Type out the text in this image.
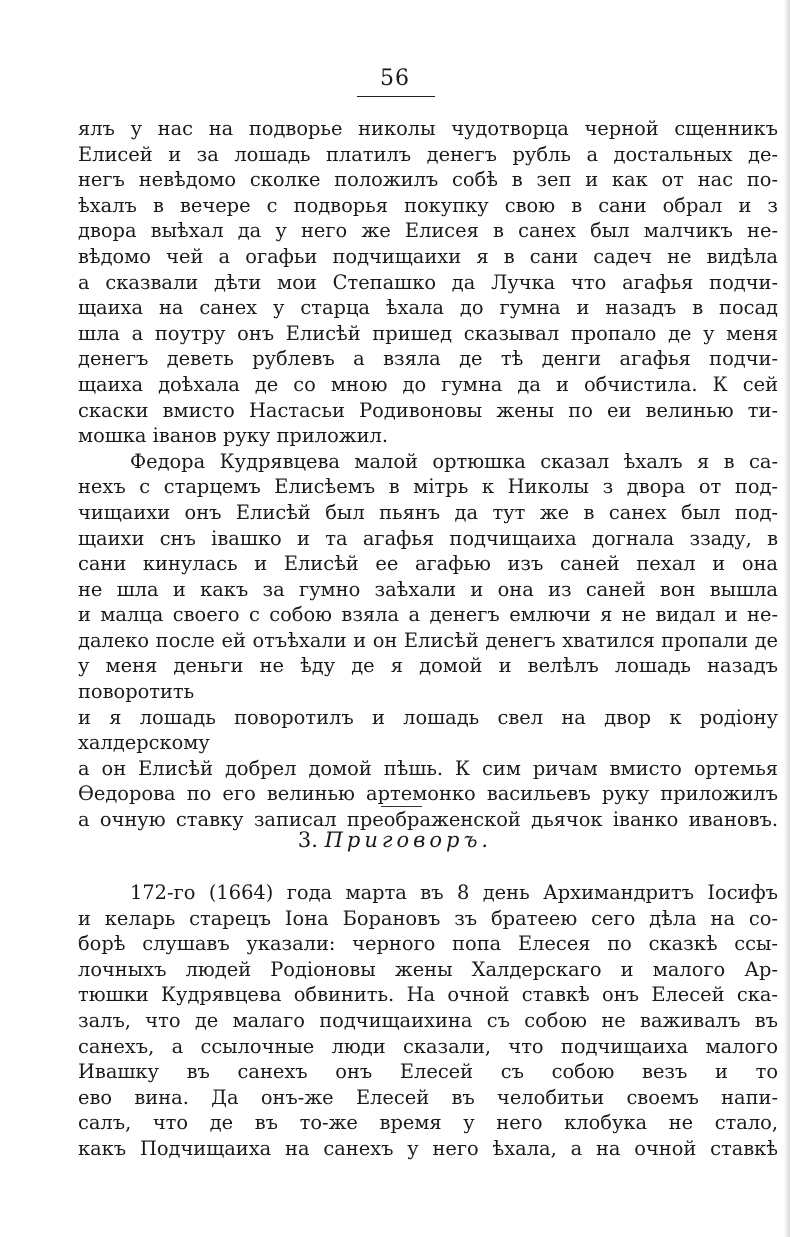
56
ялъ у нас на подворье николы чудотворца черной сщенникъ
Елисей и за лошадь платилъ денегъ рубль а достальных де-
негъ невѣдомо сколке положилъ собѣ в зеп и как от нас по-
ѣхалъ в вечере с подворья покупку свою в сани обрал и з
двора выѣхал да у него же Елисея в санех был малчикъ не-
вѣдомо чей а огафьи подчищаихи я в сани садеч не видѣла
а сказвали дѣти мои Степашко да Лучка что агафья подчи-
щаиха на санех у старца ѣхала до гумна и назадъ в посад
шла а поутру онъ Елисѣй пришед сказывал пропало де у меня
денегъ деветь рублевъ а взяла де тѣ денги агафья подчи-
щаиха доѣхала де со мною до гумна да и обчистила. К сей
скаски вмисто Настасьи Родивоновы жены по еи велинью ти-
мошка iванов руку приложил.
Федора Кудрявцева малой ортюшка сказал ѣхалъ я в са-
нехъ с старцемъ Елисѣемъ в мiтрь к Николы з двора от под-
чищаихи онъ Елисѣй был пьянъ да тут же в санех был под-
щаихи снъ iвашко и та агафья подчищаиха догнала ззаду, в
сани кинулась и Елисѣй ее агафью изъ саней пехал и она
не шла и какъ за гумно заѣхали и она из саней вон вышла
и малца своего с собою взяла а денегъ емлючи я не видал и не-
далеко после ей отъѣхали и он Елисѣй денегъ хватился пропали де
у меня деньги не ѣду де я домой и велѣлъ лошадь назадъ поворотить
и я лошадь поворотилъ и лошадь свел на двор к родiону халдерскому
а он Елисѣй добрел домой пѣшь. К сим ричам вмисто ортемья
Ѳедорова по его велинью артемонко васильевъ руку приложилъ
а очную ставку записал преображенской дьячок iванко ивановъ.
3. Приговоръ.
172-го (1664) года марта въ 8 день Архимандритъ Iосифъ
и келарь старецъ Iона Борановъ зъ братеею сего дѣла на со-
борѣ слушавъ указали: черного попа Елесея по сказкѣ ссы-
лочныхъ людей Родiоновы жены Халдерскаго и малого Ар-
тюшки Кудрявцева обвинить. На очной ставкѣ онъ Елесей ска-
залъ, что де малаго подчищаихина съ собою не важивалъ въ
санехъ, а ссылочные люди сказали, что подчищаиха малого
Ивашку въ санехъ онъ Елесей съ собою везъ и то
ево вина. Да онъ-же Елесей въ челобитьи своемъ напи-
салъ, что де въ то-же время у него клобука не стало,
какъ Подчищаиха на санехъ у него ѣхала, а на очной ставкѣ
